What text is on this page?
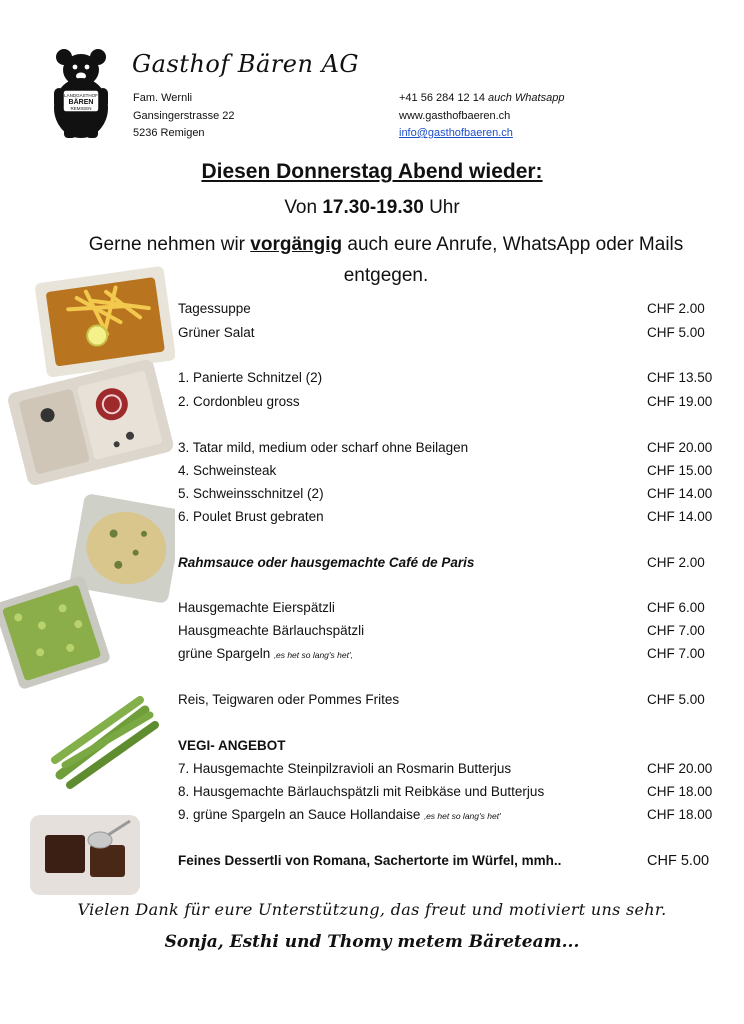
LANDGASTHOF
BÄREN
REMIGEN
Gasthof Bären AG
Fam. Wernli
Gansingerstrasse 22
5236 Remigen
+41 56 284 12 14 auch Whatsapp
www.gasthofbaeren.ch
info@gasthofbaeren.ch
Diesen Donnerstag Abend wieder:
Von 17.30-19.30 Uhr
Gerne nehmen wir vorgängig auch eure Anrufe, WhatsApp oder Mails entgegen.
Tagessuppe	CHF 2.00
Grüner Salat	CHF 5.00
1. Panierte Schnitzel (2)	CHF 13.50
2. Cordonbleu gross	CHF 19.00
3. Tatar mild, medium oder scharf ohne Beilagen	CHF 20.00
4. Schweinsteak	CHF 15.00
5. Schweinsschnitzel (2)	CHF 14.00
6. Poulet Brust gebraten	CHF 14.00
Rahmsauce oder hausgemachte Café de Paris	CHF 2.00
Hausgemachte Eierspätzli	CHF 6.00
Hausgmeachte Bärlauchspätzli	CHF 7.00
grüne Spargeln ‚es het so lang's het',	CHF 7.00
Reis, Teigwaren oder Pommes Frites	CHF 5.00
VEGI- ANGEBOT
7. Hausgemachte Steinpilzravioli an Rosmarin Butterjus	CHF 20.00
8. Hausgemachte Bärlauchspätzli mit Reibkäse und Butterjus	CHF 18.00
9. grüne Spargeln an Sauce Hollandaise ‚es het so lang's het'	CHF 18.00
Feines Dessertli von Romana, Sachertorte im Würfel, mmh..	CHF 5.00
Vielen Dank für eure Unterstützung, das freut und motiviert uns sehr.
Sonja, Esthi und Thomy metem Bäreteam...
